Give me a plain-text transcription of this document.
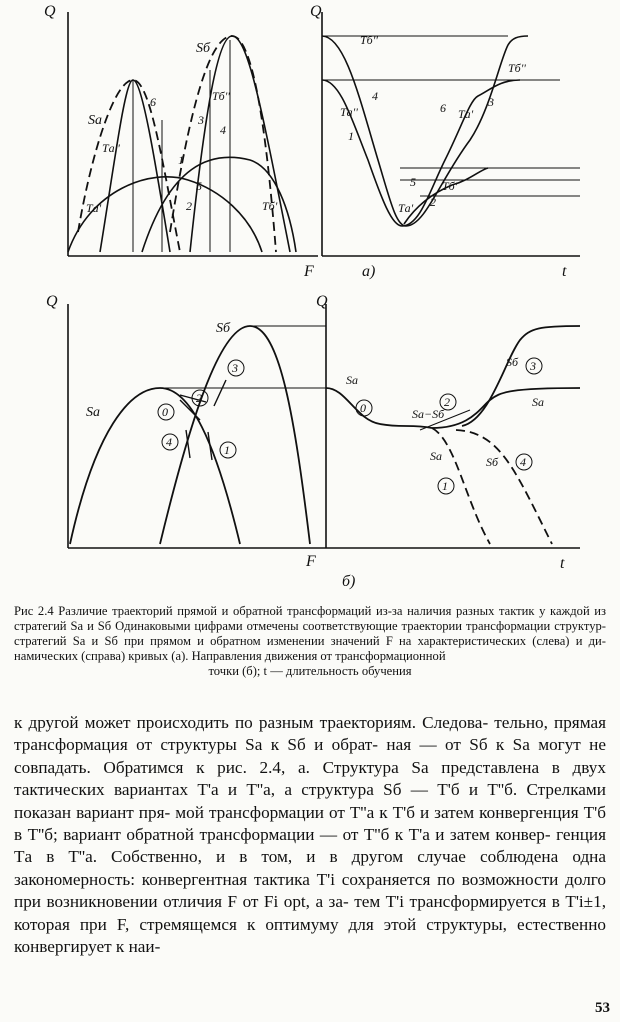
Q
F
Q
t
а)
Sа
Sб
Tа'
Tа''
Tб'
Tб''
6
3
4
1
5
2
Tб''
Tа''
4
1
5
2
Tа'
Tб'
6 Tа'
3
Tб''
Q
F
Q
t
б)
Sа
Sб
0
2
3
4
1
Sа
Sа−Sб
Sа
Sб
Sа	Sб
0	2
3
1
4
Рис 2.4 Различие траекторий прямой и обратной трансформаций из-за наличия разных тактик у каждой из стратегий Sа и Sб Одинаковыми цифрами отмечены соответствующие траектории трансформации структур-стратегий Sа и Sб при прямом и обратном изменении значений F на характеристических (слева) и ди- намических (справа) кривых (а). Направления движения от трансформационной
точки (б); t — длительность обучения
к другой может происходить по разным траекториям. Следова- тельно, прямая трансформация от структуры Sа к Sб и обрат- ная — от Sб к Sа могут не совпадать. Обратимся к рис. 2.4, а. Структура Sа представлена в двух тактических вариантах T'а и T''а, а структура Sб — T'б и T''б. Стрелками показан вариант пря- мой трансформации от T''а к T'б и затем конвергенция T'б в T''б; вариант обратной трансформации — от T''б к T'а и затем конвер- генция Tа в T''а. Собственно, и в том, и в другом случае соблюдена одна закономерность: конвергентная тактика T'i сохраняется по возможности долго при возникновении отличия F от Fi opt, а за- тем T'i трансформируется в T'i±1, которая при F, стремящемся к оптимуму для этой структуры, естественно конвергирует к наи-
53
